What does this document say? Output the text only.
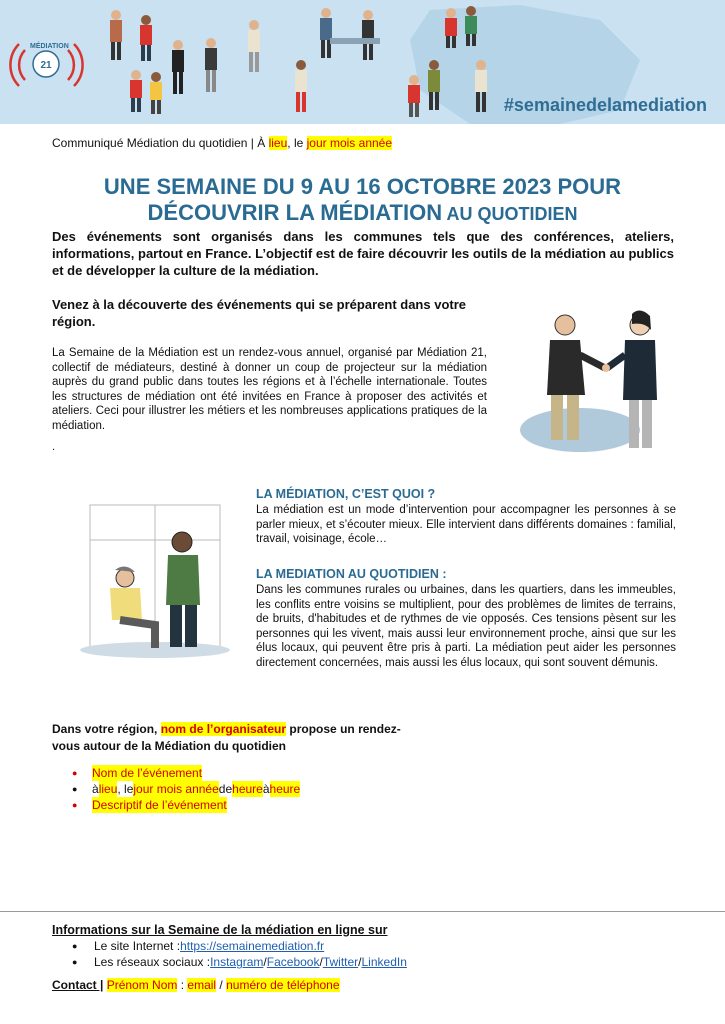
21
MÉDIATION
#semainedelamediation
Communiqué Médiation du quotidien | À lieu, le jour mois année
UNE SEMAINE DU 9 AU 16 OCTOBRE 2023 POUR
DÉCOUVRIR LA MÉDIATION AU QUOTIDIEN
Des événements sont organisés dans les communes tels que des conférences, ateliers, informations, partout en France. L’objectif est de faire découvrir les outils de la médiation au publics et de développer la culture de la médiation.
Venez à la découverte des événements qui se préparent dans votre région.
La Semaine de la Médiation est un rendez-vous annuel, organisé par Médiation 21, collectif de médiateurs, destiné à donner un coup de projecteur sur la médiation auprès du grand public dans toutes les régions et à l’échelle internationale. Toutes les structures de médiation ont été invitées en France à proposer des activités et ateliers. Ceci pour illustrer les métiers et les nombreuses applications pratiques de la médiation.
.
LA MÉDIATION, C’EST QUOI ?
La médiation est un mode d’intervention pour accompagner les personnes à se parler mieux, et s’écouter mieux. Elle intervient dans différents domaines : familial, travail, voisinage, école…
LA MEDIATION AU QUOTIDIEN :
Dans les communes rurales ou urbaines, dans les quartiers, dans les immeubles, les conflits entre voisins se multiplient, pour des problèmes de limites de terrains, de bruits, d'habitudes et de rythmes de vie opposés. Ces tensions pèsent sur les personnes qui les vivent, mais aussi leur environnement proche, ainsi que sur les élus locaux, qui peuvent être pris à parti. La médiation peut aider les personnes directement concernées, mais aussi les élus locaux, qui sont souvent démunis.
Dans votre région, nom de l’organisateur propose un rendez-vous autour de la Médiation du quotidien
●	Nom de l’événement
●	à lieu , le jour mois année de heure à heure
●	Descriptif de l’événement
Informations sur la Semaine de la médiation en ligne sur
●	Le site Internet : https://semainemediation.fr
●	Les réseaux sociaux : Instagram / Facebook / Twitter / LinkedIn
Contact | Prénom Nom : email / numéro de téléphone
